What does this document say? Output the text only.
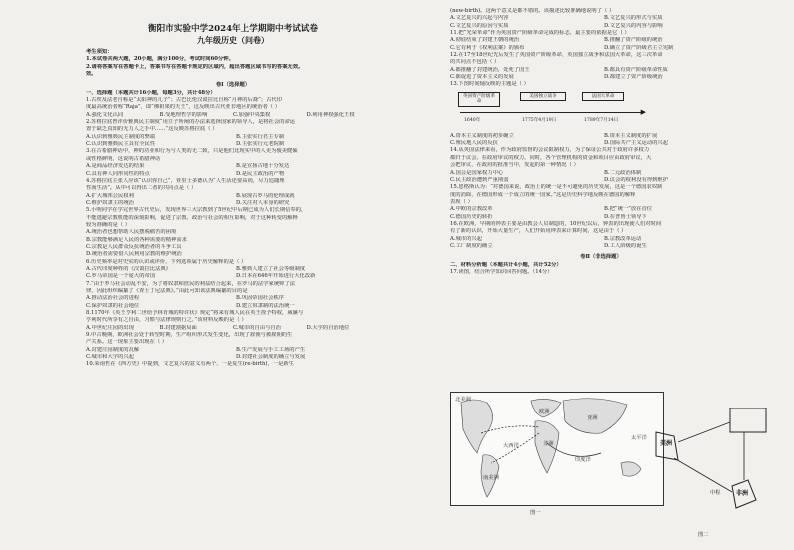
衡阳市实验中学2024年上学期期中考试试卷
九年级历史（问卷）
考生须知：
1.本试卷共两大题，20小题，满分100分，考试时间60分钟。
2.请将答案写在答题卡上，答案书写在答题卡规定的区域内，超出答题区域书写的答案无效。
效。
卷Ⅰ（选择题）
一、选择题（本题共计16小题，每题3分，共计48分）
1.古埃及法老自称是“太阳神的儿子”；古巴比伦汉谟拉比自称“月神的后裔”；古代印
度最高统治者称“Raja”，即“佛祖果的天王”，这反映出古代亚非地区的统治者（ ）
A.强化文化认同	B.受地理哲学的影响	C.加强中央集权	D.利用神权强化王权
2.苏格拉底曾评价雅典民主制度“用豆子所阐的办法来选择国家的领导人，是将社会的命运
置于缺乏真知的无力人之手中……”这反映苏格拉底（ ）
A.认识到雅典民主制度的弊端	B.主张实行君主专制
C.认识到雅典民主具有全民性	D.主张实行元老院制
3.在古希腊神话中，神的功业和行为与人类的无二致，只是他们比现实中的人更为俊美健硕
或性格鲜明，这说明古希腊神话
A.是商品经济发达的结果	B.是宣扬古地十分发达
C.具有神人同形同性的特点	D.是民主政治的产物
4.苏格拉底主张人应该“认识你自己”，亚里士多德认为“人生活还要高尚，尽力追随理
性而生活”。从中可以得出二者的共同点是（ ）
A.扩大城邦公民权利	B.展现古罗马的伦理成就
C.维护奴隶主的统治	D.关注对人本身的研究
5.小明同学在学完世界古代史后，发现世界三大宗教到了5世纪中后期已成为人们长期信奉的，
不能逃避宗教机能的深刻影响，促进了宗教、政治与社会的相互影响，对于这种转变的解释
较为准确的是（ ）
A.统治者也想帮助人民摆脱痛苦的困境
B.宗教能够满足人民的各种需要的精神需求
C.宗教是人民群众反抗统治者的斗争工具
D.统治者需要借人民利用宗教的维护统治
6.历史频率是对史实的认识或评价，下列选项属于历史解释的是（ ）
A.古代印度种姓的《汉谟拉比法典》	B.雅典人建立了社会等级制度
C.罗马帝国是一个庞大的帝国	D.日本在646年开始进行大化改新
7.“由于罗马社会动乱不安，为了将奴隶和庶民的利益结合起来，在罗马的法学家统帅了法
律，因此组织编纂了《查士丁尼法典》。”由此可知该法典编纂的目的是
A.推动法治社会的进程	B.巩固帝国社会秩序
C.保护奴隶的社会地位	D.建立奴隶制的法治统一
8.1170年《英王亨利二世给予林肯城的特许状》规定“将来有城人民在英王授予特权，威廉与
亨利时代所享有之自由，习惯与法律规则行之，”该材料反映的是（ ）
A.中世纪庄园的出现	B.封建割据局面	C.城市的自由与自治	D.大学的自治地位
9.中古晚期，欧洲社会处于转型时期，生产组织形式发生变化，出现了雇佣与被雇佣的生
产关系。这一现象主要出现在（ ）
A.封建庄园制度的瓦解	B.生产发展与手工工场的产生
C.城市和大学的兴起	D.封建社会制度的确立与发展
10.荣南哲在《西方史》中提到，文艺复兴的意义有两个，一是复生(re-birth)，一是新生
(new-birth)。这两个意义是都不错的。该描述比较准确地说明了（ ）
A.文艺复兴的兴起与内容	B.文艺复兴的形式与实质
C.文艺复兴的原因与实质	D.文艺复兴的内容与影响
11.把“光荣革命”作为英国资产阶级革命完成的标志，最主要的依据是它（ ）
A.彻底结束了封建王朝的统治	B.推翻了资产阶级的统治
C.它有利于《权利法案》的颁布	D.确立了资产阶级君主立宪制
12.在17至18世纪先后发生了英国资产阶级革命，英国独立战争和法国大革命，这三次革命
的共同点不包括（ ）
A.都推翻了封建统治，处死了国王	B.都具有资产阶级革命性质
C.都促进了资本主义的发展	D.都建立了资产阶级统治
13.下图时间轴反映的主题是（ ）
▶
英国资产阶级革命
美国独立战争	法国大革命
1640年	1775年4月19日	1789年7月14日
A.资本主义制度的初步确立	B.资本主义制度的扩展
C.殖民地人民的反抗	D.国际共产主义运动的兴起
14.从英国法律来看，作为政府监督的会议限制权力，为了保证公共对于政府许多权力
都归于议会，在政府审议的权力，同时，各个管理机构的资金和项目应由政府审议，大
会把审议，在政府的批准当中，发起的第一种情况（ ）
A.国会是国家权力中心	B.二元政治体制
C.民主政治遭到严重削弱	D.议会的权利没有得到维护
15.恩格斯认为：“对德国来说，政治上的统一是不可避免的历史发展，这是一个德国农奴制
度的消除，在德国形成一个成立的统一国家。”这是历史科学地反映在德国的解释
表现（ ）
A.中欧的宗教改革	B.把“统一”放在首位
C.德国历史的转折	D.在普鲁士领导下
16.在欧洲，早期的钟表主要是由教会人员制造的，10世纪以后，钟表的出现使人们对时间
有了新的认识，开始大量生产，人们开始用钟表来计算时间，这是由于（ ）
A.城市的兴起	B.宗教改革运动
C.工厂制度的确立	D.工人阶级的诞生
卷Ⅱ（非选择题）
二、材料分析题（本题共计4小题，共计52分）
17.读图，结合所学知识回答问题。（14分）
欧洲
亚洲
非洲
北美洲
南美洲
印度洋
太平洋
大西洋
图一
美洲
非洲
中程
图二
